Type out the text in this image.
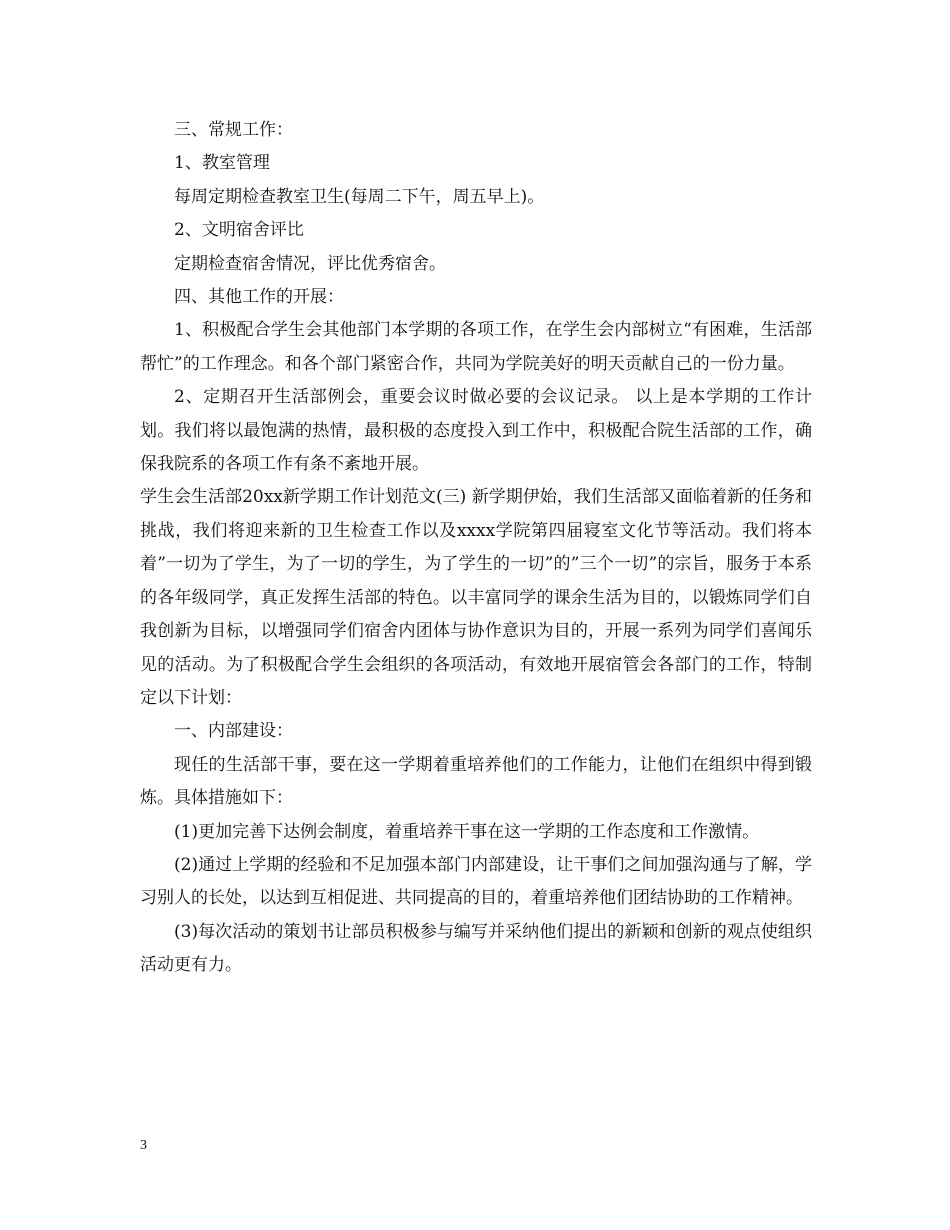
三、常规工作：

1、教室管理

每周定期检查教室卫生(每周二下午，周五早上)。

2、文明宿舍评比

定期检查宿舍情况，评比优秀宿舍。

四、其他工作的开展：

1、积极配合学生会其他部门本学期的各项工作，在学生会内部树立“有困难，生活部帮忙”的工作理念。和各个部门紧密合作，共同为学院美好的明天贡献自己的一份力量。

2、定期召开生活部例会，重要会议时做必要的会议记录。 以上是本学期的工作计划。我们将以最饱满的热情，最积极的态度投入到工作中，积极配合院生活部的工作，确保我院系的各项工作有条不紊地开展。

学生会生活部20xx新学期工作计划范文(三) 新学期伊始，我们生活部又面临着新的任务和挑战，我们将迎来新的卫生检查工作以及xxxx学院第四届寝室文化节等活动。我们将本着”一切为了学生，为了一切的学生，为了学生的一切”的”三个一切”的宗旨，服务于本系的各年级同学，真正发挥生活部的特色。以丰富同学的课余生活为目的，以锻炼同学们自我创新为目标，以增强同学们宿舍内团体与协作意识为目的，开展一系列为同学们喜闻乐见的活动。为了积极配合学生会组织的各项活动，有效地开展宿管会各部门的工作，特制定以下计划：

一、内部建设：

现任的生活部干事，要在这一学期着重培养他们的工作能力，让他们在组织中得到锻炼。具体措施如下：

(1)更加完善下达例会制度，着重培养干事在这一学期的工作态度和工作激情。

(2)通过上学期的经验和不足加强本部门内部建设，让干事们之间加强沟通与了解，学习别人的长处，以达到互相促进、共同提高的目的，着重培养他们团结协助的工作精神。

(3)每次活动的策划书让部员积极参与编写并采纳他们提出的新颖和创新的观点使组织活动更有力。

3
